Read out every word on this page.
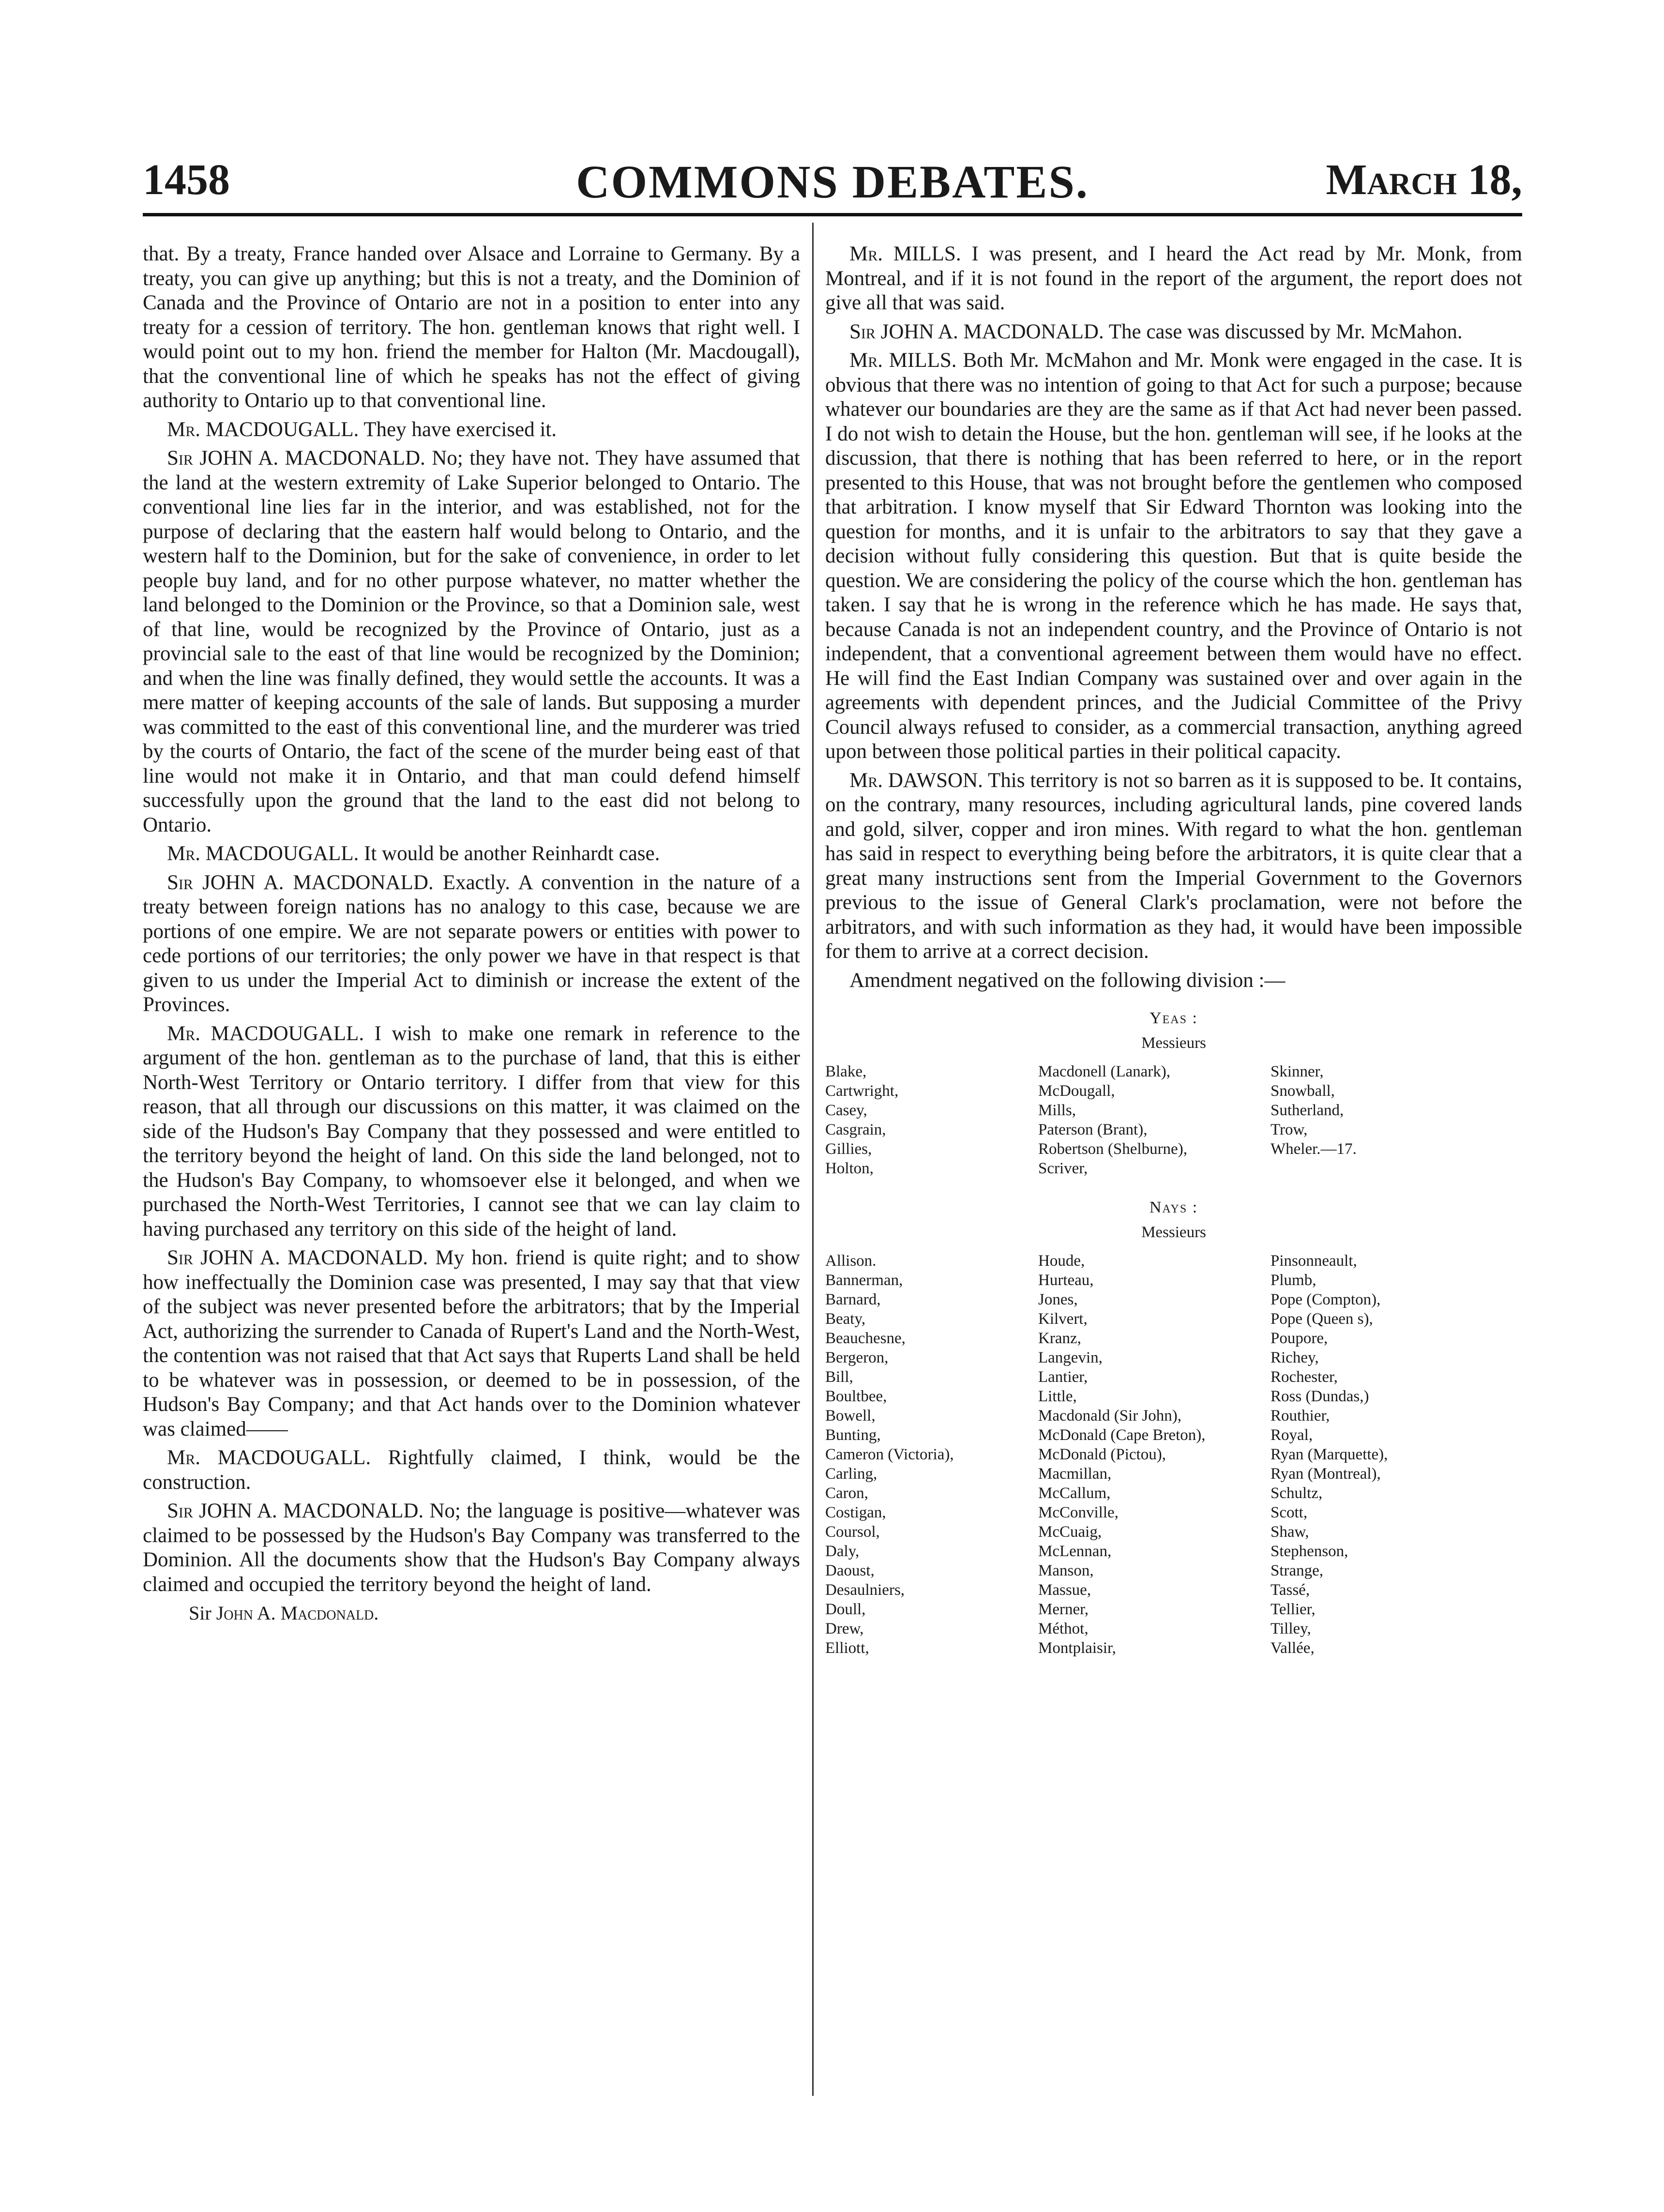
1458	COMMONS DEBATES.	March 18,

that. By a treaty, France handed over Alsace and Lorraine to Germany. By a treaty, you can give up anything; but this is not a treaty, and the Dominion of Canada and the Province of Ontario are not in a position to enter into any treaty for a cession of territory. The hon. gentleman knows that right well. I would point out to my hon. friend the member for Halton (Mr. Macdougall), that the conventional line of which he speaks has not the effect of giving authority to Ontario up to that conventional line.

Mr. MACDOUGALL. They have exercised it.

Sir JOHN A. MACDONALD. No; they have not. They have assumed that the land at the western extremity of Lake Superior belonged to Ontario. The conventional line lies far in the interior, and was established, not for the purpose of declaring that the eastern half would belong to Ontario, and the western half to the Dominion, but for the sake of convenience, in order to let people buy land, and for no other purpose whatever, no matter whether the land belonged to the Dominion or the Province, so that a Dominion sale, west of that line, would be recognized by the Province of Ontario, just as a provincial sale to the east of that line would be recognized by the Dominion; and when the line was finally defined, they would settle the accounts. It was a mere matter of keeping accounts of the sale of lands. But supposing a murder was committed to the east of this conventional line, and the murderer was tried by the courts of Ontario, the fact of the scene of the murder being east of that line would not make it in Ontario, and that man could defend himself successfully upon the ground that the land to the east did not belong to Ontario.

Mr. MACDOUGALL. It would be another Reinhardt case.

Sir JOHN A. MACDONALD. Exactly. A convention in the nature of a treaty between foreign nations has no analogy to this case, because we are portions of one empire. We are not separate powers or entities with power to cede portions of our territories; the only power we have in that respect is that given to us under the Imperial Act to diminish or increase the extent of the Provinces.

Mr. MACDOUGALL. I wish to make one remark in reference to the argument of the hon. gentleman as to the purchase of land, that this is either North-West Territory or Ontario territory. I differ from that view for this reason, that all through our discussions on this matter, it was claimed on the side of the Hudson's Bay Company that they possessed and were entitled to the territory beyond the height of land. On this side the land belonged, not to the Hudson's Bay Company, to whomsoever else it belonged, and when we purchased the North-West Territories, I cannot see that we can lay claim to having purchased any territory on this side of the height of land.

Sir JOHN A. MACDONALD. My hon. friend is quite right; and to show how ineffectually the Dominion case was presented, I may say that that view of the subject was never presented before the arbitrators; that by the Imperial Act, authorizing the surrender to Canada of Rupert's Land and the North-West, the contention was not raised that that Act says that Ruperts Land shall be held to be whatever was in possession, or deemed to be in possession, of the Hudson's Bay Company; and that Act hands over to the Dominion whatever was claimed——

Mr. MACDOUGALL. Rightfully claimed, I think, would be the construction.

Sir JOHN A. MACDONALD. No; the language is positive—whatever was claimed to be possessed by the Hudson's Bay Company was transferred to the Dominion. All the documents show that the Hudson's Bay Company always claimed and occupied the territory beyond the height of land.

Sir John A. Macdonald.

Mr. MILLS. I was present, and I heard the Act read by Mr. Monk, from Montreal, and if it is not found in the report of the argument, the report does not give all that was said.

Sir JOHN A. MACDONALD. The case was discussed by Mr. McMahon.

Mr. MILLS. Both Mr. McMahon and Mr. Monk were engaged in the case. It is obvious that there was no intention of going to that Act for such a purpose; because whatever our boundaries are they are the same as if that Act had never been passed. I do not wish to detain the House, but the hon. gentleman will see, if he looks at the discussion, that there is nothing that has been referred to here, or in the report presented to this House, that was not brought before the gentlemen who composed that arbitration. I know myself that Sir Edward Thornton was looking into the question for months, and it is unfair to the arbitrators to say that they gave a decision without fully considering this question. But that is quite beside the question. We are considering the policy of the course which the hon. gentleman has taken. I say that he is wrong in the reference which he has made. He says that, because Canada is not an independent country, and the Province of Ontario is not independent, that a conventional agreement between them would have no effect. He will find the East Indian Company was sustained over and over again in the agreements with dependent princes, and the Judicial Committee of the Privy Council always refused to consider, as a commercial transaction, anything agreed upon between those political parties in their political capacity.

Mr. DAWSON. This territory is not so barren as it is supposed to be. It contains, on the contrary, many resources, including agricultural lands, pine covered lands and gold, silver, copper and iron mines. With regard to what the hon. gentleman has said in respect to everything being before the arbitrators, it is quite clear that a great many instructions sent from the Imperial Government to the Governors previous to the issue of General Clark's proclamation, were not before the arbitrators, and with such information as they had, it would have been impossible for them to arrive at a correct decision.

Amendment negatived on the following division :—

Yeas :
Messieurs
Blake,
Cartwright,
Casey,
Casgrain,
Gillies,
Holton,
Macdonell (Lanark),
McDougall,
Mills,
Paterson (Brant),
Robertson (Shelburne),
Scriver,
Skinner,
Snowball,
Sutherland,
Trow,
Wheler.—17.
Nays :
Messieurs
Allison.
Bannerman,
Barnard,
Beaty,
Beauchesne,
Bergeron,
Bill,
Boultbee,
Bowell,
Bunting,
Cameron (Victoria),
Carling,
Caron,
Costigan,
Coursol,
Daly,
Daoust,
Desaulniers,
Doull,
Drew,
Elliott,
Houde,
Hurteau,
Jones,
Kilvert,
Kranz,
Langevin,
Lantier,
Little,
Macdonald (Sir John),
McDonald (Cape Breton),
McDonald (Pictou),
Macmillan,
McCallum,
McConville,
McCuaig,
McLennan,
Manson,
Massue,
Merner,
Méthot,
Montplaisir,
Pinsonneault,
Plumb,
Pope (Compton),
Pope (Queen s),
Poupore,
Richey,
Rochester,
Ross (Dundas,)
Routhier,
Royal,
Ryan (Marquette),
Ryan (Montreal),
Schultz,
Scott,
Shaw,
Stephenson,
Strange,
Tassé,
Tellier,
Tilley,
Vallée,
